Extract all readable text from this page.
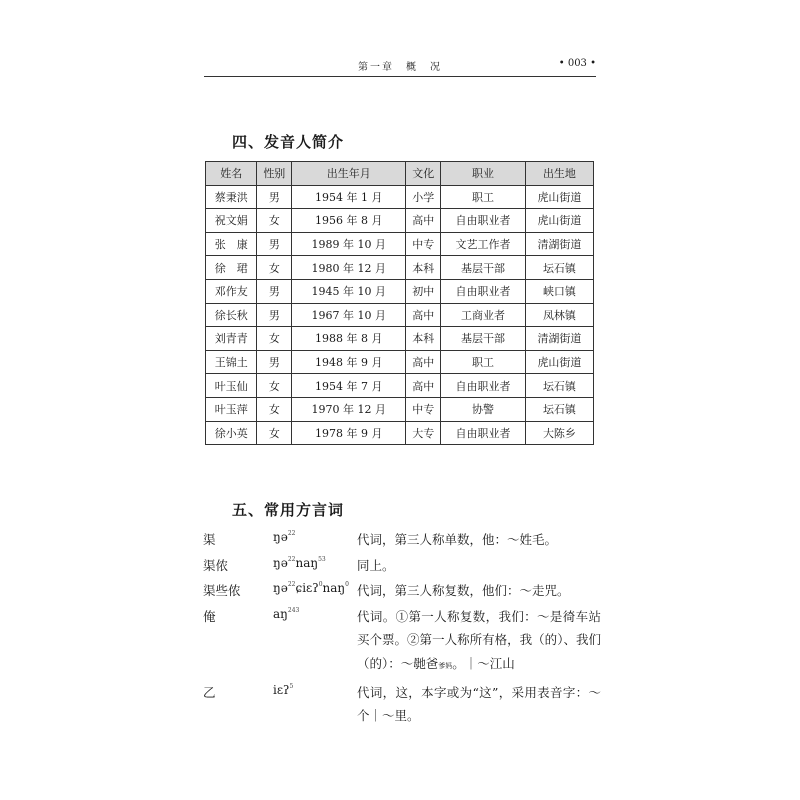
第一章　概　况	• 003 •
四、发音人简介
姓名	性别	出生年月	文化	职业	出生地
蔡秉洪	男	1954 年 1 月	小学	职工	虎山街道
祝文娟	女	1956 年 8 月	高中	自由职业者	虎山街道
张　康	男	1989 年 10 月	中专	文艺工作者	清湖街道
徐　珺	女	1980 年 12 月	本科	基层干部	坛石镇
邓作友	男	1945 年 10 月	初中	自由职业者	峡口镇
徐长秋	男	1967 年 10 月	高中	工商业者	凤林镇
刘青青	女	1988 年 8 月	本科	基层干部	清湖街道
王锦土	男	1948 年 9 月	高中	职工	虎山街道
叶玉仙	女	1954 年 7 月	高中	自由职业者	坛石镇
叶玉萍	女	1970 年 12 月	中专	协警	坛石镇
徐小英	女	1978 年 9 月	大专	自由职业者	大陈乡
五、常用方言词
渠	ŋə$^{22}$	代词，第三人称单数，他：～姓毛。
渠侬	ŋə$^{22}$naŋ$^{53}$	同上。
渠些侬	ŋə$^{22}$ɕiɛʔ$^0$naŋ$^0$ 代词，第三人称复数，他们：～走咒。
俺	$aŋ^{243}$	代词。①第一人称复数，我们：～是徛车站买个票。②第一人称所有格，我（的）、我们（的）：～毑爸爹妈。｜～江山
乙	iɛʔ$^5$	代词，这，本字或为“这”，采用表音字：～个｜～里。
